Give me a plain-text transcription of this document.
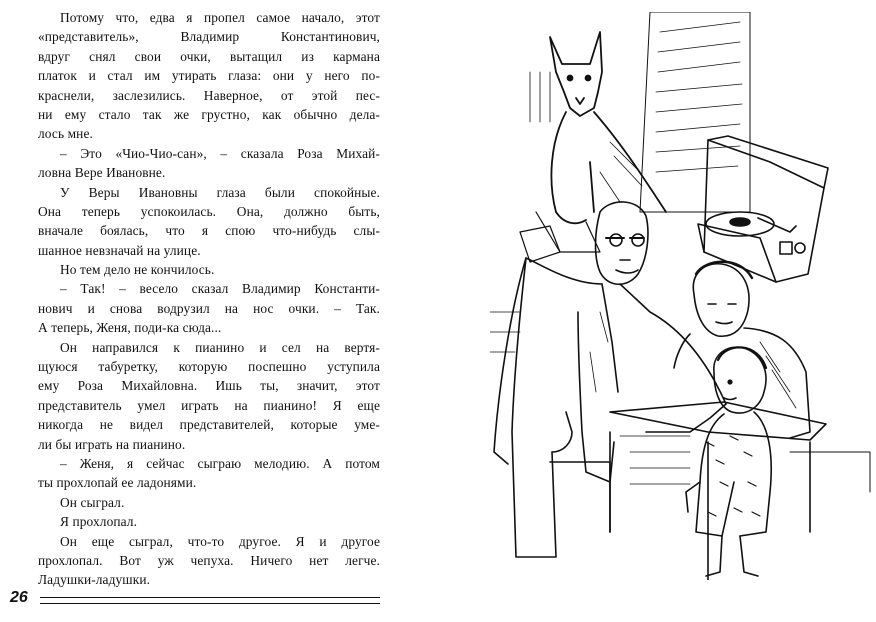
Потому что, едва я пропел самое начало, этот
«представитель», Владимир Константинович,
вдруг снял свои очки, вытащил из кармана
платок и стал им утирать глаза: они у него по-
краснели, заслезились. Наверное, от этой пес-
ни ему стало так же грустно, как обычно дела-
лось мне.
– Это «Чио-Чио-сан», – сказала Роза Михай-
ловна Вере Ивановне.
У Веры Ивановны глаза были спокойные.
Она теперь успокоилась. Она, должно быть,
вначале боялась, что я спою что-нибудь слы-
шанное невзначай на улице.
Но тем дело не кончилось.
– Так! – весело сказал Владимир Константи-
нович и снова водрузил на нос очки. – Так.
А теперь, Женя, поди-ка сюда...
Он направился к пианино и сел на вертя-
щуюся табуретку, которую поспешно уступила
ему Роза Михайловна. Ишь ты, значит, этот
представитель умел играть на пианино! Я еще
никогда не видел представителей, которые уме-
ли бы играть на пианино.
– Женя, я сейчас сыграю мелодию. А потом
ты прохлопай ее ладонями.
Он сыграл.
Я прохлопал.
Он еще сыграл, что-то другое. Я и другое
прохлопал. Вот уж чепуха. Ничего нет легче.
Ладушки-ладушки.
26
